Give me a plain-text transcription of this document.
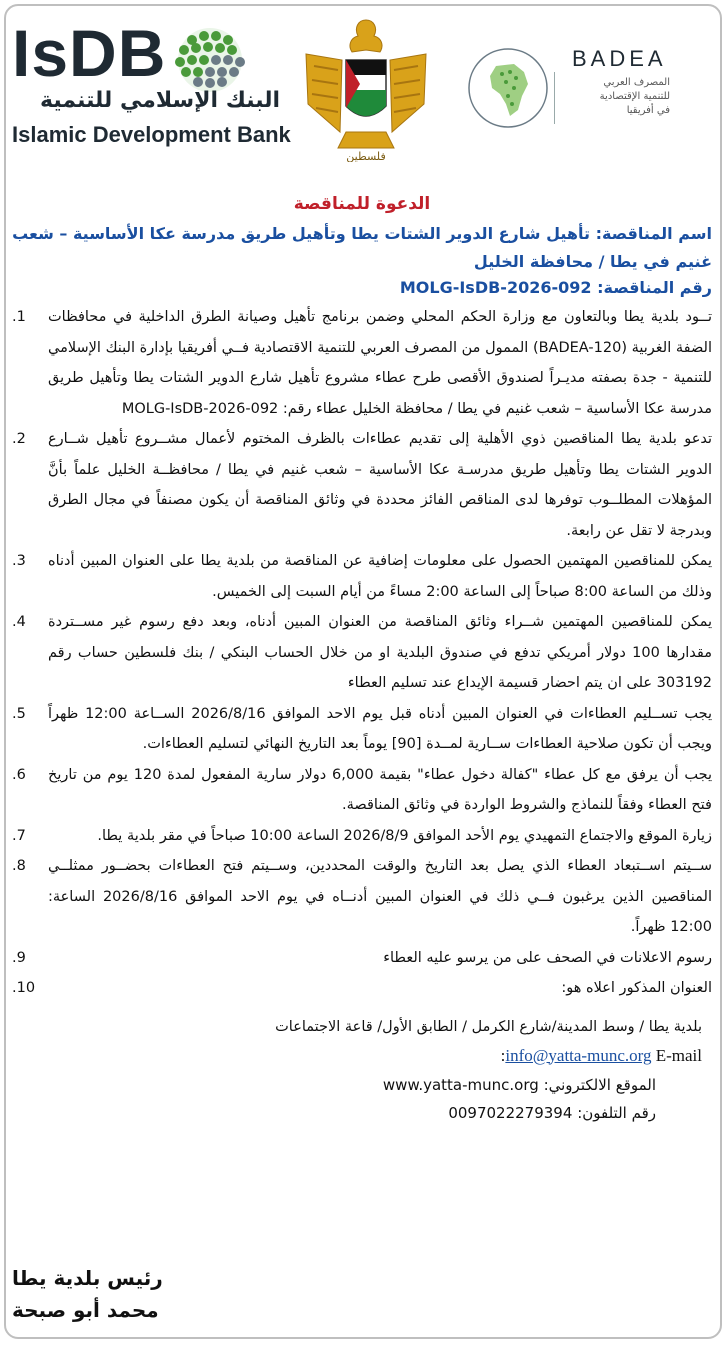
IsDB
البنك الإسلامي للتنمية
Islamic Development Bank
فلسطين
BADEA
المصرف العربي
للتنمية الإقتصادية
في أفريقيا
الدعوة للمناقصة
اسم المناقصة: تأهيل شارع الدوير الشتات يطا وتأهيل طريق مدرسة عكا الأساسية – شعب غنيم في يطا / محافظة الخليل
رقم المناقصة: MOLG-IsDB-2026-092
.1	تــود بلدية يطا وبالتعاون مع وزارة الحكم المحلي وضمن برنامج تأهيل وصيانة الطرق الداخلية في محافظات الضفة الغربية (BADEA-120) الممول من المصرف العربي للتنمية الاقتصادية فــي أفريقيا بإدارة البنك الإسلامي للتنمية - جدة بصفته مديـراً لصندوق الأقصى طرح عطاء مشروع تأهيل شارع الدوير الشتات يطا وتأهيل طريق مدرسة عكا الأساسية – شعب غنيم في يطا / محافظة الخليل عطاء رقم: MOLG-IsDB-2026-092
.2	تدعو بلدية يطا المناقصين ذوي الأهلية إلى تقديم عطاءات بالظرف المختوم لأعمال مشــروع تأهيل شــارع الدوير الشتات يطا وتأهيل طريق مدرسـة عكا الأساسية – شعب غنيم في يطا / محافظــة الخليل علماً بأنَّ المؤهلات المطلــوب توفرها لدى المناقص الفائز محددة في وثائق المناقصة أن يكون مصنفاً في مجال الطرق وبدرجة لا تقل عن رابعة.
.3	يمكن للمناقصين المهتمين الحصول على معلومات إضافية عن المناقصة من بلدية يطا على العنوان المبين أدناه وذلك من الساعة 8:00 صباحاً إلى الساعة 2:00 مساءً من أيام السبت إلى الخميس.
.4	يمكن للمناقصين المهتمين شــراء وثائق المناقصة من العنوان المبين أدناه، وبعد دفع رسوم غير مســتردة مقدارها 100 دولار أمريكي تدفع في صندوق البلدية او من خلال الحساب البنكي / بنك فلسطين حساب رقم 303192 على ان يتم احضار قسيمة الإيداع عند تسليم العطاء
.5	يجب تســليم العطاءات في العنوان المبين أدناه قبل يوم الاحد الموافق 2026/8/16 الســاعة 12:00 ظهراً ويجب أن تكون صلاحية العطاءات ســارية لمــدة [90] يوماً بعد التاريخ النهائي لتسليم العطاءات.
.6	يجب أن يرفق مع كل عطاء "كفالة دخول عطاء" بقيمة 6,000 دولار سارية المفعول لمدة 120 يوم من تاريخ فتح العطاء وفقاً للنماذج والشروط الواردة في وثائق المناقصة.
.7	زيارة الموقع والاجتماع التمهيدي يوم الأحد الموافق 2026/8/9 الساعة 10:00 صباحاً في مقر بلدية يطا.
.8	ســيتم اســتبعاد العطاء الذي يصل بعد التاريخ والوقت المحددين، وســيتم فتح العطاءات بحضــور ممثلــي المناقصين الذين يرغبون فــي ذلك في العنوان المبين أدنــاه في يوم الاحد الموافق 2026/8/16 الساعة: 12:00 ظهراً.
.9	رسوم الاعلانات في الصحف على من يرسو عليه العطاء
.10	العنوان المذكور اعلاه هو:
بلدية يطا / وسط المدينة/شارع الكرمل / الطابق الأول/ قاعة الاجتماعات
info@yatta-munc.org E-mail:
الموقع الالكتروني: www.yatta-munc.org
رقم التلفون: 0097022279394
رئيس بلدية يطا
محمد أبو صبحة
